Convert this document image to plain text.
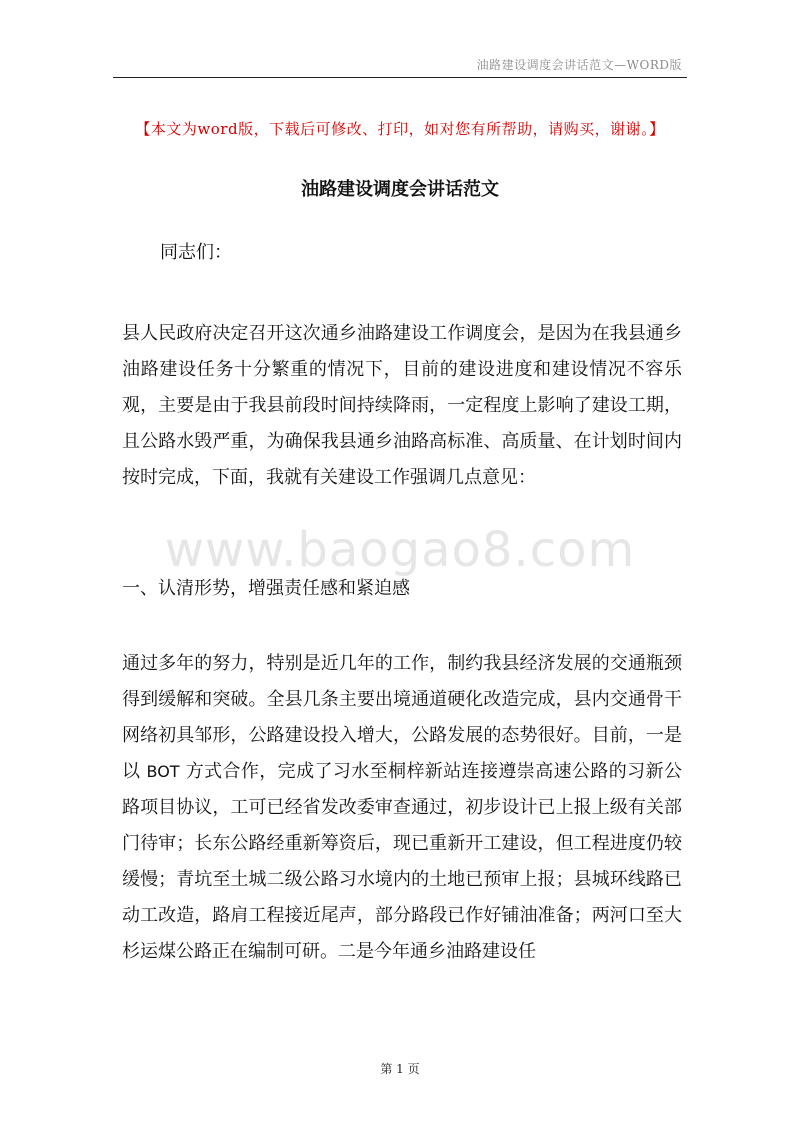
油路建设调度会讲话范文—WORD版
【本文为word版，下载后可修改、打印，如对您有所帮助，请购买，谢谢。】
油路建设调度会讲话范文
同志们：

县人民政府决定召开这次通乡油路建设工作调度会，是因为在我县通乡油路建设任务十分繁重的情况下，目前的建设进度和建设情况不容乐观，主要是由于我县前段时间持续降雨，一定程度上影响了建设工期，且公路水毁严重，为确保我县通乡油路高标准、高质量、在计划时间内按时完成，下面，我就有关建设工作强调几点意见：

www.baogao8.com
一、认清形势，增强责任感和紧迫感

通过多年的努力，特别是近几年的工作，制约我县经济发展的交通瓶颈得到缓解和突破。全县几条主要出境通道硬化改造完成，县内交通骨干网络初具邹形，公路建设投入增大，公路发展的态势很好。目前，一是以 BOT 方式合作，完成了习水至桐梓新站连接遵崇高速公路的习新公路项目协议，工可已经省发改委审查通过，初步设计已上报上级有关部门待审；长东公路经重新筹资后，现已重新开工建设，但工程进度仍较缓慢；青坑至土城二级公路习水境内的土地已预审上报；县城环线路已动工改造，路肩工程接近尾声，部分路段已作好铺油准备；两河口至大杉运煤公路正在编制可研。二是今年通乡油路建设任

第 1 页
